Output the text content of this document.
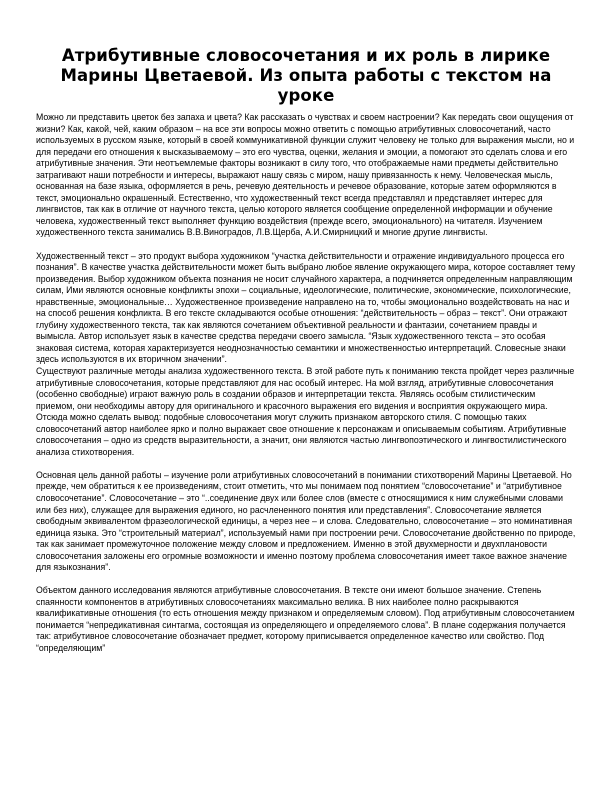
Атрибутивные словосочетания и их роль в лирике Марины Цветаевой. Из опыта работы с текстом на уроке

Можно ли представить цветок без запаха и цвета? Как рассказать о чувствах и своем настроении? Как передать свои ощущения от жизни? Как, какой, чей, каким образом – на все эти вопросы можно ответить с помощью атрибутивных словосочетаний, часто используемых в русском языке, который в своей коммуникативной функции служит человеку не только для выражения мысли, но и для передачи его отношения к высказываемому – это его чувства, оценки, желания и эмоции, а помогают это сделать слова и его атрибутивные значения. Эти неотъемлемые факторы возникают в силу того, что отображаемые нами предметы действительно затрагивают наши потребности и интересы, выражают нашу связь с миром, нашу привязанность к нему. Человеческая мысль, основанная на базе языка, оформляется в речь, речевую деятельность и речевое образование, которые затем оформляются в текст, эмоционально окрашенный. Естественно, что художественный текст всегда представлял и представляет интерес для лингвистов, так как в отличие от научного текста, целью которого является сообщение определенной информации и обучение человека, художественный текст выполняет функцию воздействия (прежде всего, эмоционального) на читателя. Изучением художественного текста занимались В.В.Виноградов, Л.В.Щерба, А.И.Смирницкий и многие другие лингвисты.

Художественный текст – это продукт выбора художником “участка действительности и отражение индивидуального процесса его познания”. В качестве участка действительности может быть выбрано любое явление окружающего мира, которое составляет тему произведения. Выбор художником объекта познания не носит случайного характера, а подчиняется определенным направляющим силам, Ими являются основные конфликты эпохи – социальные, идеологические, политические, экономические, психологические, нравственные, эмоциональные… Художественное произведение направлено на то, чтобы эмоционально воздействовать на нас и на способ решения конфликта. В его тексте складываются особые отношения: “действительность – образ – текст”. Они отражают глубину художественного текста, так как являются сочетанием объективной реальности и фантазии, сочетанием правды и вымысла. Автор использует язык в качестве средства передачи своего замысла. “Язык художественного текста – это особая знаковая система, которая характеризуется неоднозначностью семантики и множественностью интерпретаций. Словесные знаки здесь используются в их вторичном значении”.

Существуют различные методы анализа художественного текста. В этой работе путь к пониманию текста пройдет через различные атрибутивные словосочетания, которые представляют для нас особый интерес. На мой взгляд, атрибутивные словосочетания (особенно свободные) играют важную роль в создании образов и интерпретации текста. Являясь особым стилистическим приемом, они необходимы автору для оригинального и красочного выражения его видения и восприятия окружающего мира. Отсюда можно сделать вывод: подобные словосочетания могут служить признаком авторского стиля. С помощью таких словосочетаний автор наиболее ярко и полно выражает свое отношение к персонажам и описываемым событиям. Атрибутивные словосочетания – одно из средств выразительности, а значит, они являются частью лингвопоэтического и лингвостилистического анализа стихотворения.

Основная цель данной работы – изучение роли атрибутивных словосочетаний в понимании стихотворений Марины Цветаевой. Но прежде, чем обратиться к ее произведениям, стоит отметить, что мы понимаем под понятием “словосочетание” и “атрибутивное словосочетание”. Словосочетание – это “..соединение двух или более слов (вместе с относящимися к ним служебными словами или без них), служащее для выражения единого, но расчлененного понятия или представления”. Словосочетание является свободным эквивалентом фразеологической единицы, а через нее – и слова. Следовательно, словосочетание – это номинативная единица языка. Это “строительный материал”, используемый нами при построении речи. Словосочетание двойственно по природе, так как занимает промежуточное положение между словом и предложением. Именно в этой двухмерности и двухплановости словосочетания заложены его огромные возможности и именно поэтому проблема словосочетания имеет такое важное значение для языкознания”.

Объектом данного исследования являются атрибутивные словосочетания. В тексте они имеют большое значение. Степень спаянности компонентов в атрибутивных словосочетаниях максимально велика. В них наиболее полно раскрываются квалификативные отношения (то есть отношения между признаком и определяемым словом). Под атрибутивным словосочетанием понимается “непредикативная синтагма, состоящая из определяющего и определяемого слова”. В плане содержания получается так: атрибутивное словосочетание обозначает предмет, которому приписывается определенное качество или свойство. Под “определяющим”
